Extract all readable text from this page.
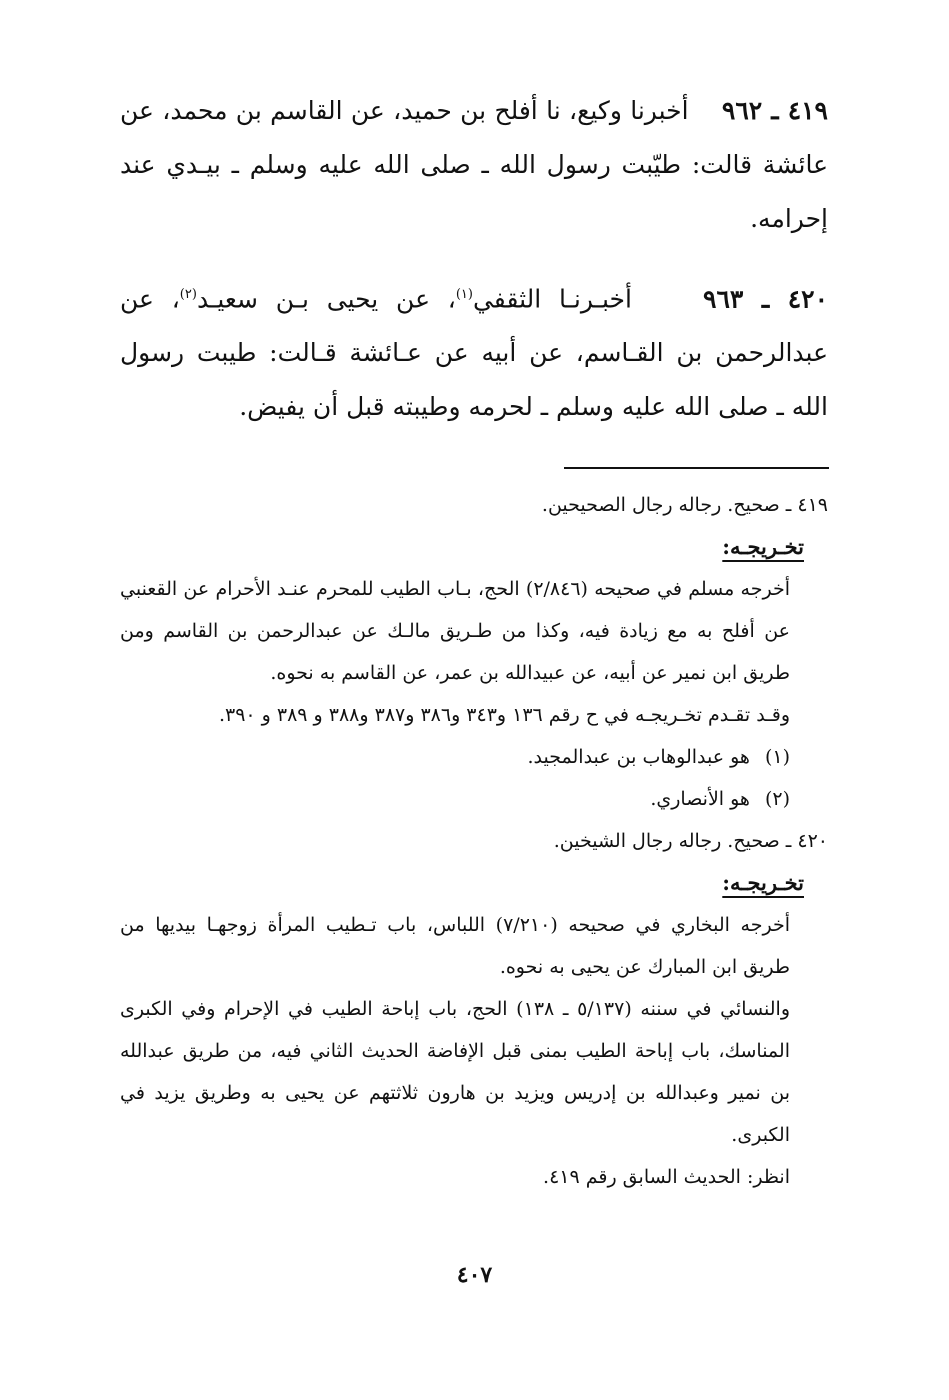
٤١٩ ـ ٩٦٢    أخبرنا وكيع، نا أفلح بن حميد، عن القاسم بن محمد، عن عائشة قالت: طيّبت رسول الله ـ صلى الله عليه وسلم ـ بيـدي عند إحرامه.

٤٢٠ ـ ٩٦٣    أخبـرنـا الثقفي$^{(١)}$، عن يحيى بـن سعيـد$^{(٢)}$، عن عبدالرحمن بن القـاسم، عن أبيه عن عـائشة قـالت: طيبت رسول الله ـ صلى الله عليه وسلم ـ لحرمه وطيبته قبل أن يفيض.

٤١٩ ـ صحيح. رجاله رجال الصحيحين.

تخـريجـه:

أخرجه مسلم في صحيحه (٢/٨٤٦) الحج، بـاب الطيب للمحرم عنـد الأحرام عن القعنبي عن أفلح به مع زيادة فيه، وكذا من طـريق مالـك عن عبدالرحمن بن القاسم ومن طريق ابن نمير عن أبيه، عن عبيدالله بن عمر، عن القاسم به نحوه.

وقـد تقـدم تخـريجـه في ح رقم ١٣٦ و٣٤٣ و٣٨٦ و٣٨٧ و٣٨٨ و ٣٨٩ و ٣٩٠.

(١) هو عبدالوهاب بن عبدالمجيد.

(٢) هو الأنصاري.

٤٢٠ ـ صحيح. رجاله رجال الشيخين.

تخـريجـه:

أخرجه البخاري في صحيحه (٧/٢١٠) اللباس، باب تـطيب المرأة زوجهـا بيديها من طريق ابن المبارك عن يحيى به نحوه.

والنسائي في سننه (٥/١٣٧ ـ ١٣٨) الحج، باب إباحة الطيب في الإحرام وفي الكبرى المناسك، باب إباحة الطيب بمنى قبل الإفاضة الحديث الثاني فيه، من طريق عبدالله بن نمير وعبدالله بن إدريس ويزيد بن هارون ثلاثتهم عن يحيى به وطريق يزيد في الكبرى.

انظر: الحديث السابق رقم ٤١٩.

٤٠٧
